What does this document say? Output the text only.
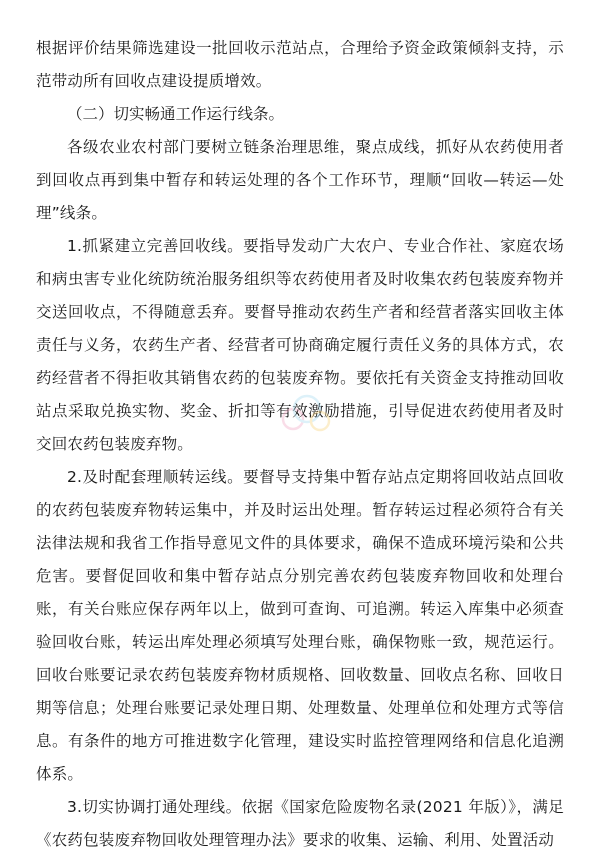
根据评价结果筛选建设一批回收示范站点，合理给予资金政策倾斜支持，示范带动所有回收点建设提质增效。

（二）切实畅通工作运行线条。

各级农业农村部门要树立链条治理思维，聚点成线，抓好从农药使用者到回收点再到集中暂存和转运处理的各个工作环节，理顺“回收—转运—处理”线条。

1.抓紧建立完善回收线。要指导发动广大农户、专业合作社、家庭农场和病虫害专业化统防统治服务组织等农药使用者及时收集农药包装废弃物并交送回收点，不得随意丢弃。要督导推动农药生产者和经营者落实回收主体责任与义务，农药生产者、经营者可协商确定履行责任义务的具体方式，农药经营者不得拒收其销售农药的包装废弃物。要依托有关资金支持推动回收站点采取兑换实物、奖金、折扣等有效激励措施，引导促进农药使用者及时交回农药包装废弃物。

2.及时配套理顺转运线。要督导支持集中暂存站点定期将回收站点回收的农药包装废弃物转运集中，并及时运出处理。暂存转运过程必须符合有关法律法规和我省工作指导意见文件的具体要求，确保不造成环境污染和公共危害。要督促回收和集中暂存站点分别完善农药包装废弃物回收和处理台账，有关台账应保存两年以上，做到可查询、可追溯。转运入库集中必须查验回收台账，转运出库处理必须填写处理台账，确保物账一致，规范运行。回收台账要记录农药包装废弃物材质规格、回收数量、回收点名称、回收日期等信息；处理台账要记录处理日期、处理数量、处理单位和处理方式等信息。有条件的地方可推进数字化管理，建设实时监控管理网络和信息化追溯体系。

3.切实协调打通处理线。依据《国家危险废物名录(2021 年版）》，满足《农药包装废弃物回收处理管理办法》要求的收集、运输、利用、处置活动
